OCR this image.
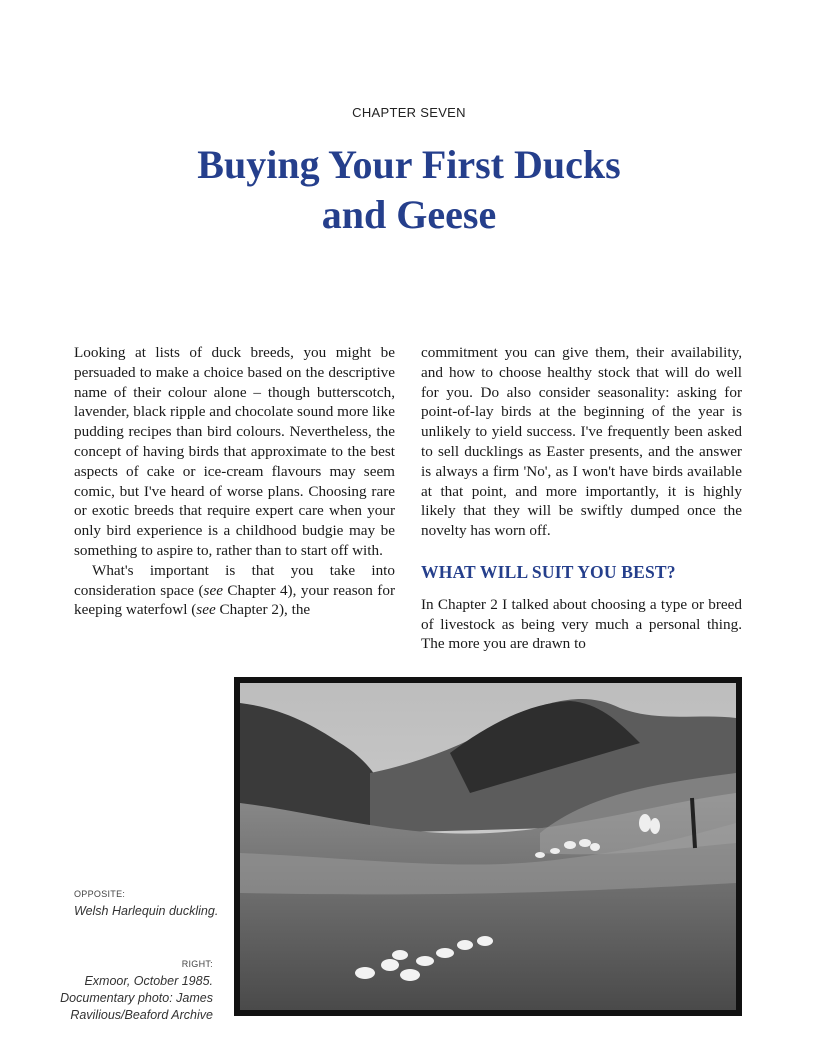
CHAPTER SEVEN
Buying Your First Ducks
and Geese

Looking at lists of duck breeds, you might be persuaded to make a choice based on the descriptive name of their colour alone – though butterscotch, lavender, black ripple and chocolate sound more like pudding recipes than bird colours. Nevertheless, the concept of having birds that approximate to the best aspects of cake or ice-cream flavours may seem comic, but I've heard of worse plans. Choosing rare or exotic breeds that require expert care when your only bird experience is a childhood budgie may be something to aspire to, rather than to start off with.

What's important is that you take into consideration space (see Chapter 4), your reason for keeping waterfowl (see Chapter 2), the

commitment you can give them, their availability, and how to choose healthy stock that will do well for you. Do also consider seasonality: asking for point-of-lay birds at the beginning of the year is unlikely to yield success. I've frequently been asked to sell ducklings as Easter presents, and the answer is always a firm 'No', as I won't have birds available at that point, and more importantly, it is highly likely that they will be swiftly dumped once the novelty has worn off.

WHAT WILL SUIT YOU BEST?

In Chapter 2 I talked about choosing a type or breed of livestock as being very much a personal thing. The more you are drawn to

OPPOSITE:
Welsh Harlequin duckling.
RIGHT:
Exmoor, October 1985.
Documentary photo: James
Ravilious/Beaford Archive
